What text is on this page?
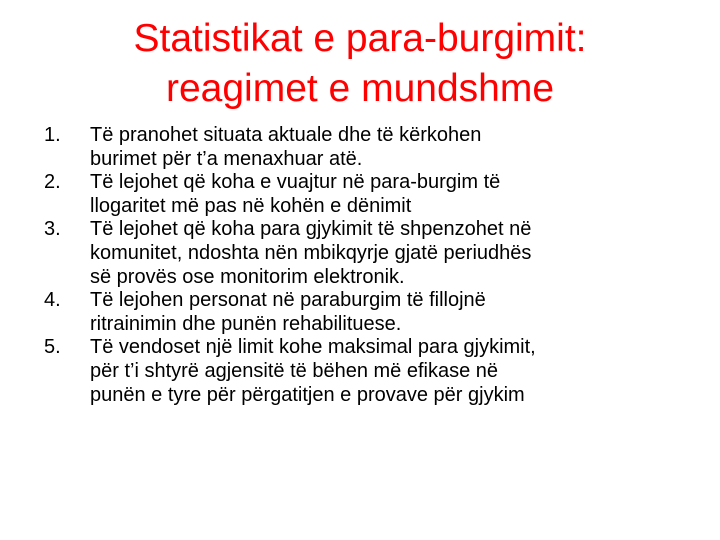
Statistikat e para-burgimit:
reagimet e mundshme
1. Të pranohet situata aktuale dhe të kërkohen
burimet për t’a menaxhuar atë.
2. Të lejohet që koha e vuajtur në para-burgim të
llogaritet më pas në kohën e dënimit
3. Të lejohet që koha para gjykimit të shpenzohet në
komunitet, ndoshta nën mbikqyrje gjatë periudhës
së provës ose monitorim elektronik.
4. Të lejohen personat në paraburgim të fillojnë
ritrainimin dhe punën rehabilituese.
5. Të vendoset një limit kohe maksimal para gjykimit,
për t’i shtyrë agjensitë të bëhen më efikase në
punën e tyre për përgatitjen e provave për gjykim
